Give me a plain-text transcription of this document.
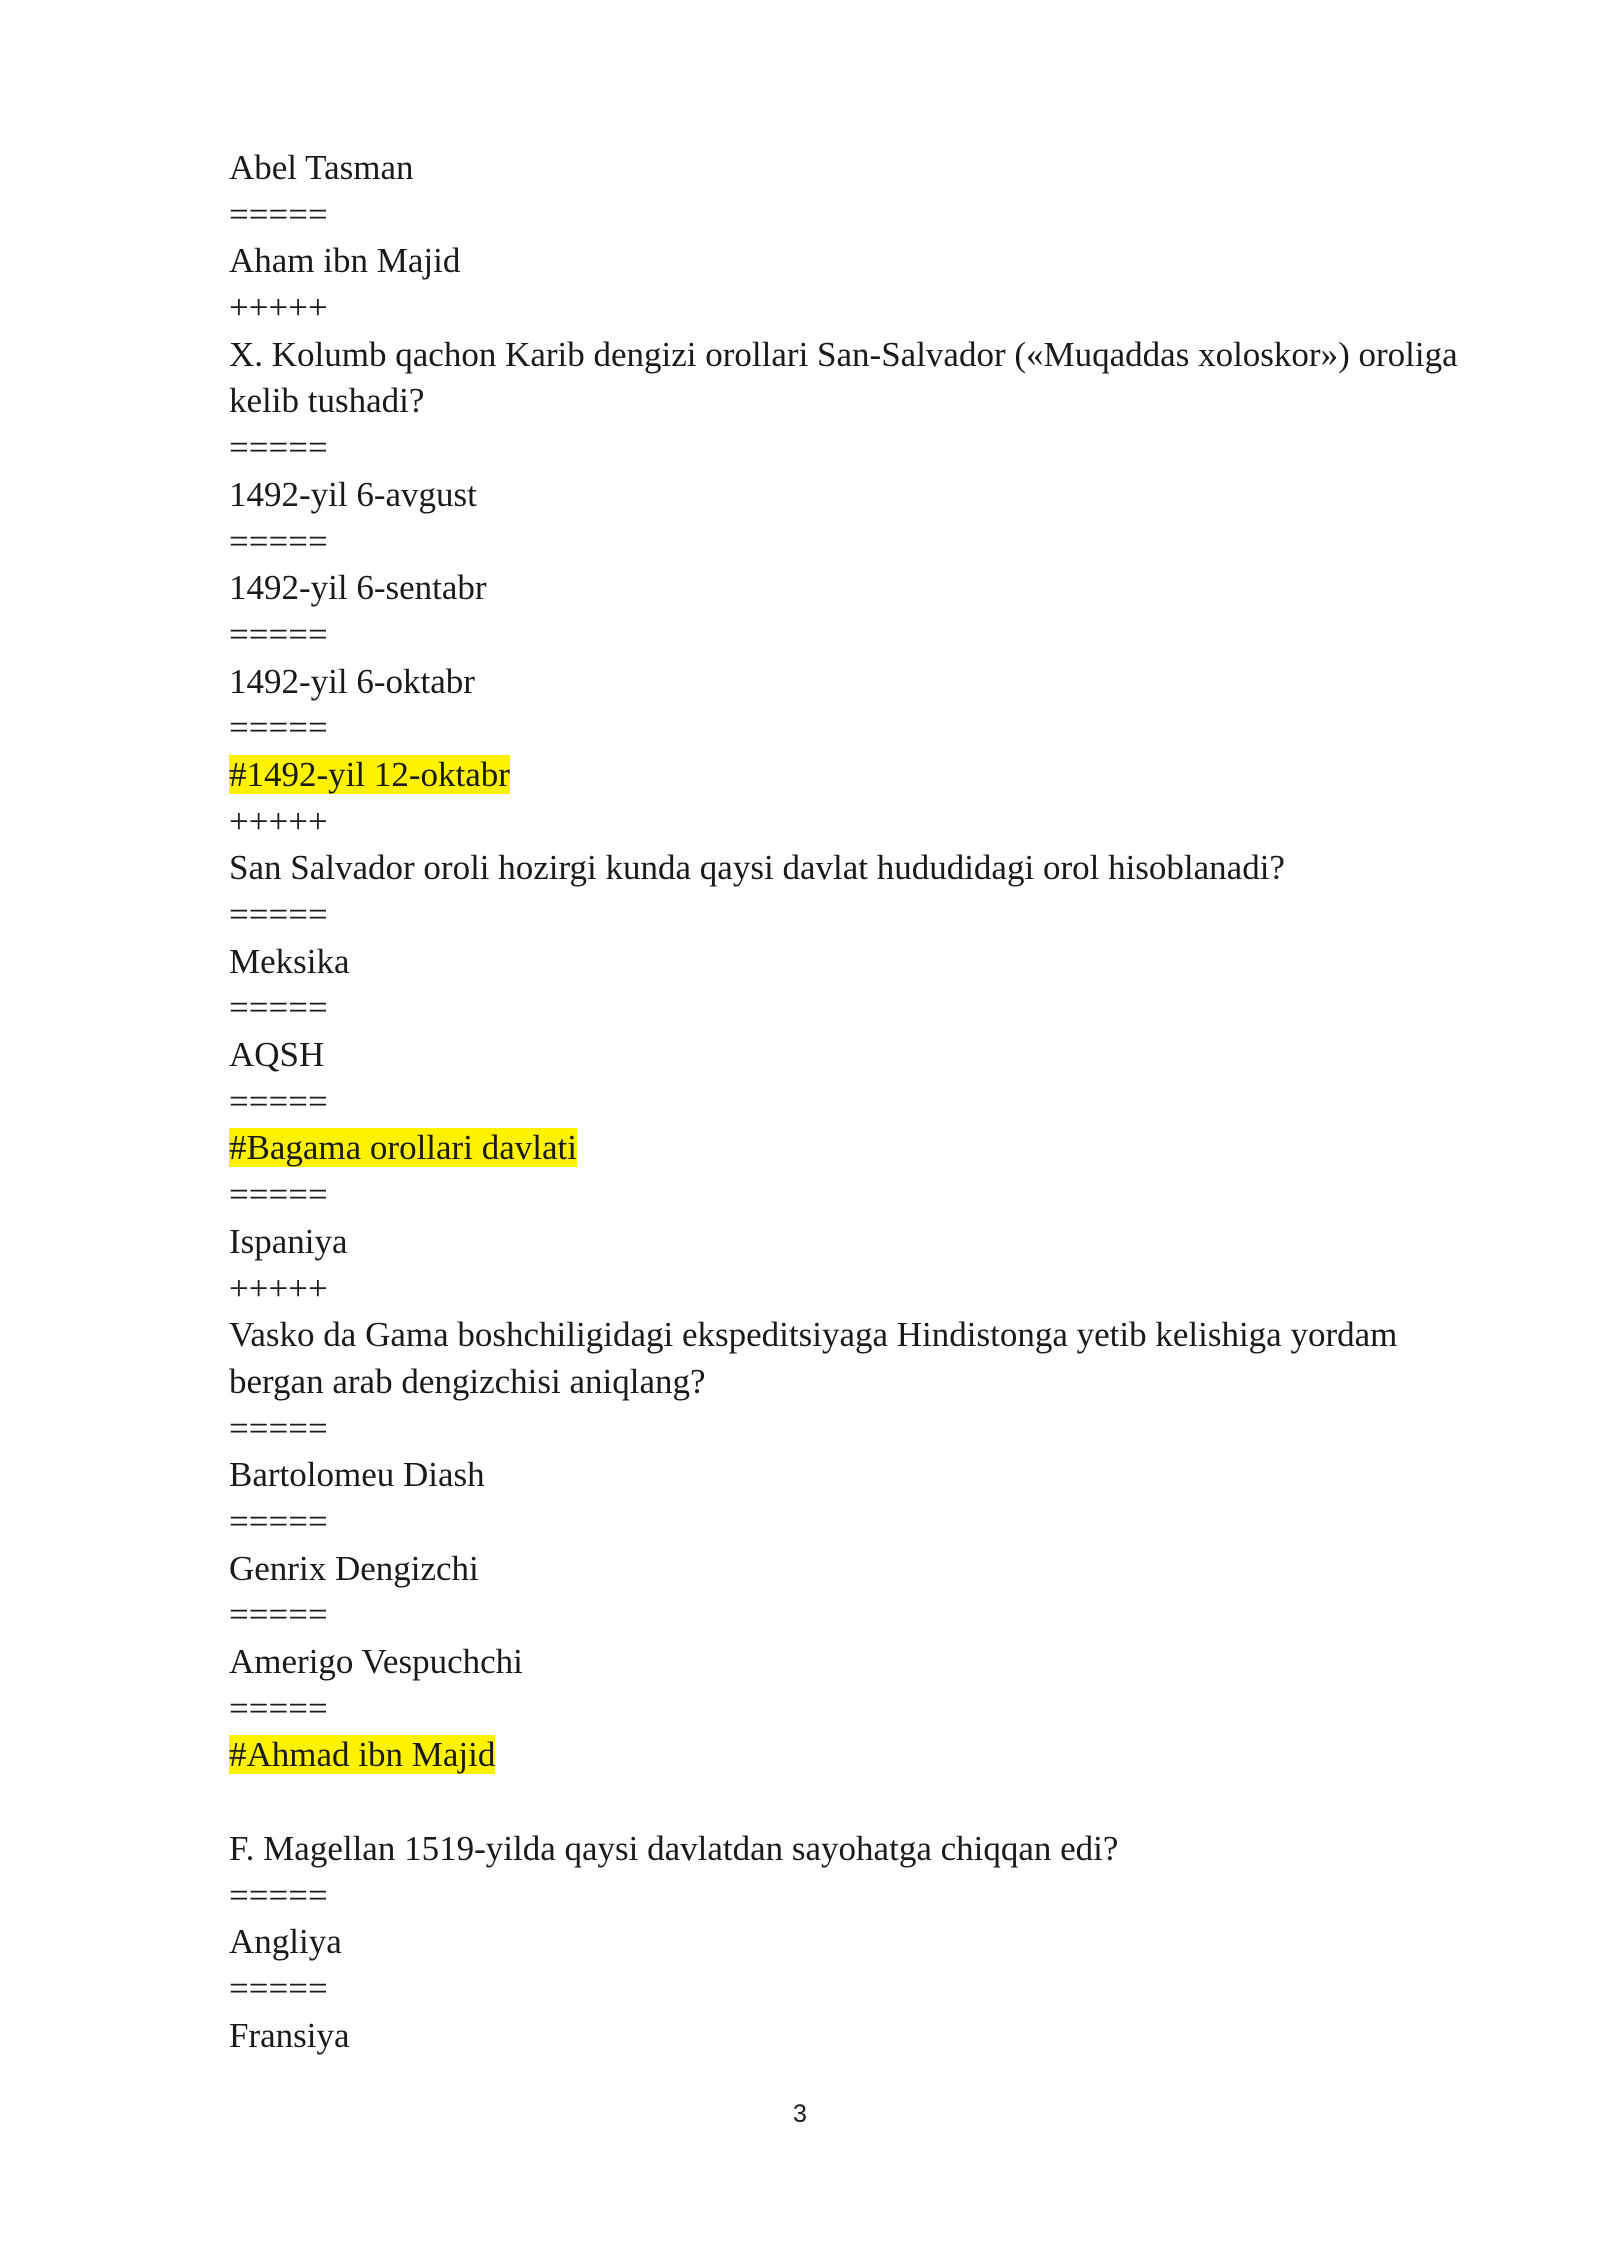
Abel Tasman
=====
Aham ibn Majid
+++++
X. Kolumb qachon Karib dengizi orollari San-Salvador («Muqaddas xoloskor») oroliga kelib tushadi?
=====
1492-yil 6-avgust
=====
1492-yil 6-sentabr
=====
1492-yil 6-oktabr
=====
#1492-yil 12-oktabr
+++++
San Salvador oroli hozirgi kunda qaysi davlat hududidagi orol hisoblanadi?
=====
Meksika
=====
AQSH
=====
#Bagama orollari davlati
=====
Ispaniya
+++++
Vasko da Gama boshchiligidagi ekspeditsiyaga Hindistonga yetib kelishiga yordam bergan arab dengizchisi aniqlang?
=====
Bartolomeu Diash
=====
Genrix Dengizchi
=====
Amerigo Vespuchchi
=====
#Ahmad ibn Majid
F. Magellan 1519-yilda qaysi davlatdan sayohatga chiqqan edi?
=====
Angliya
=====
Fransiya
3
